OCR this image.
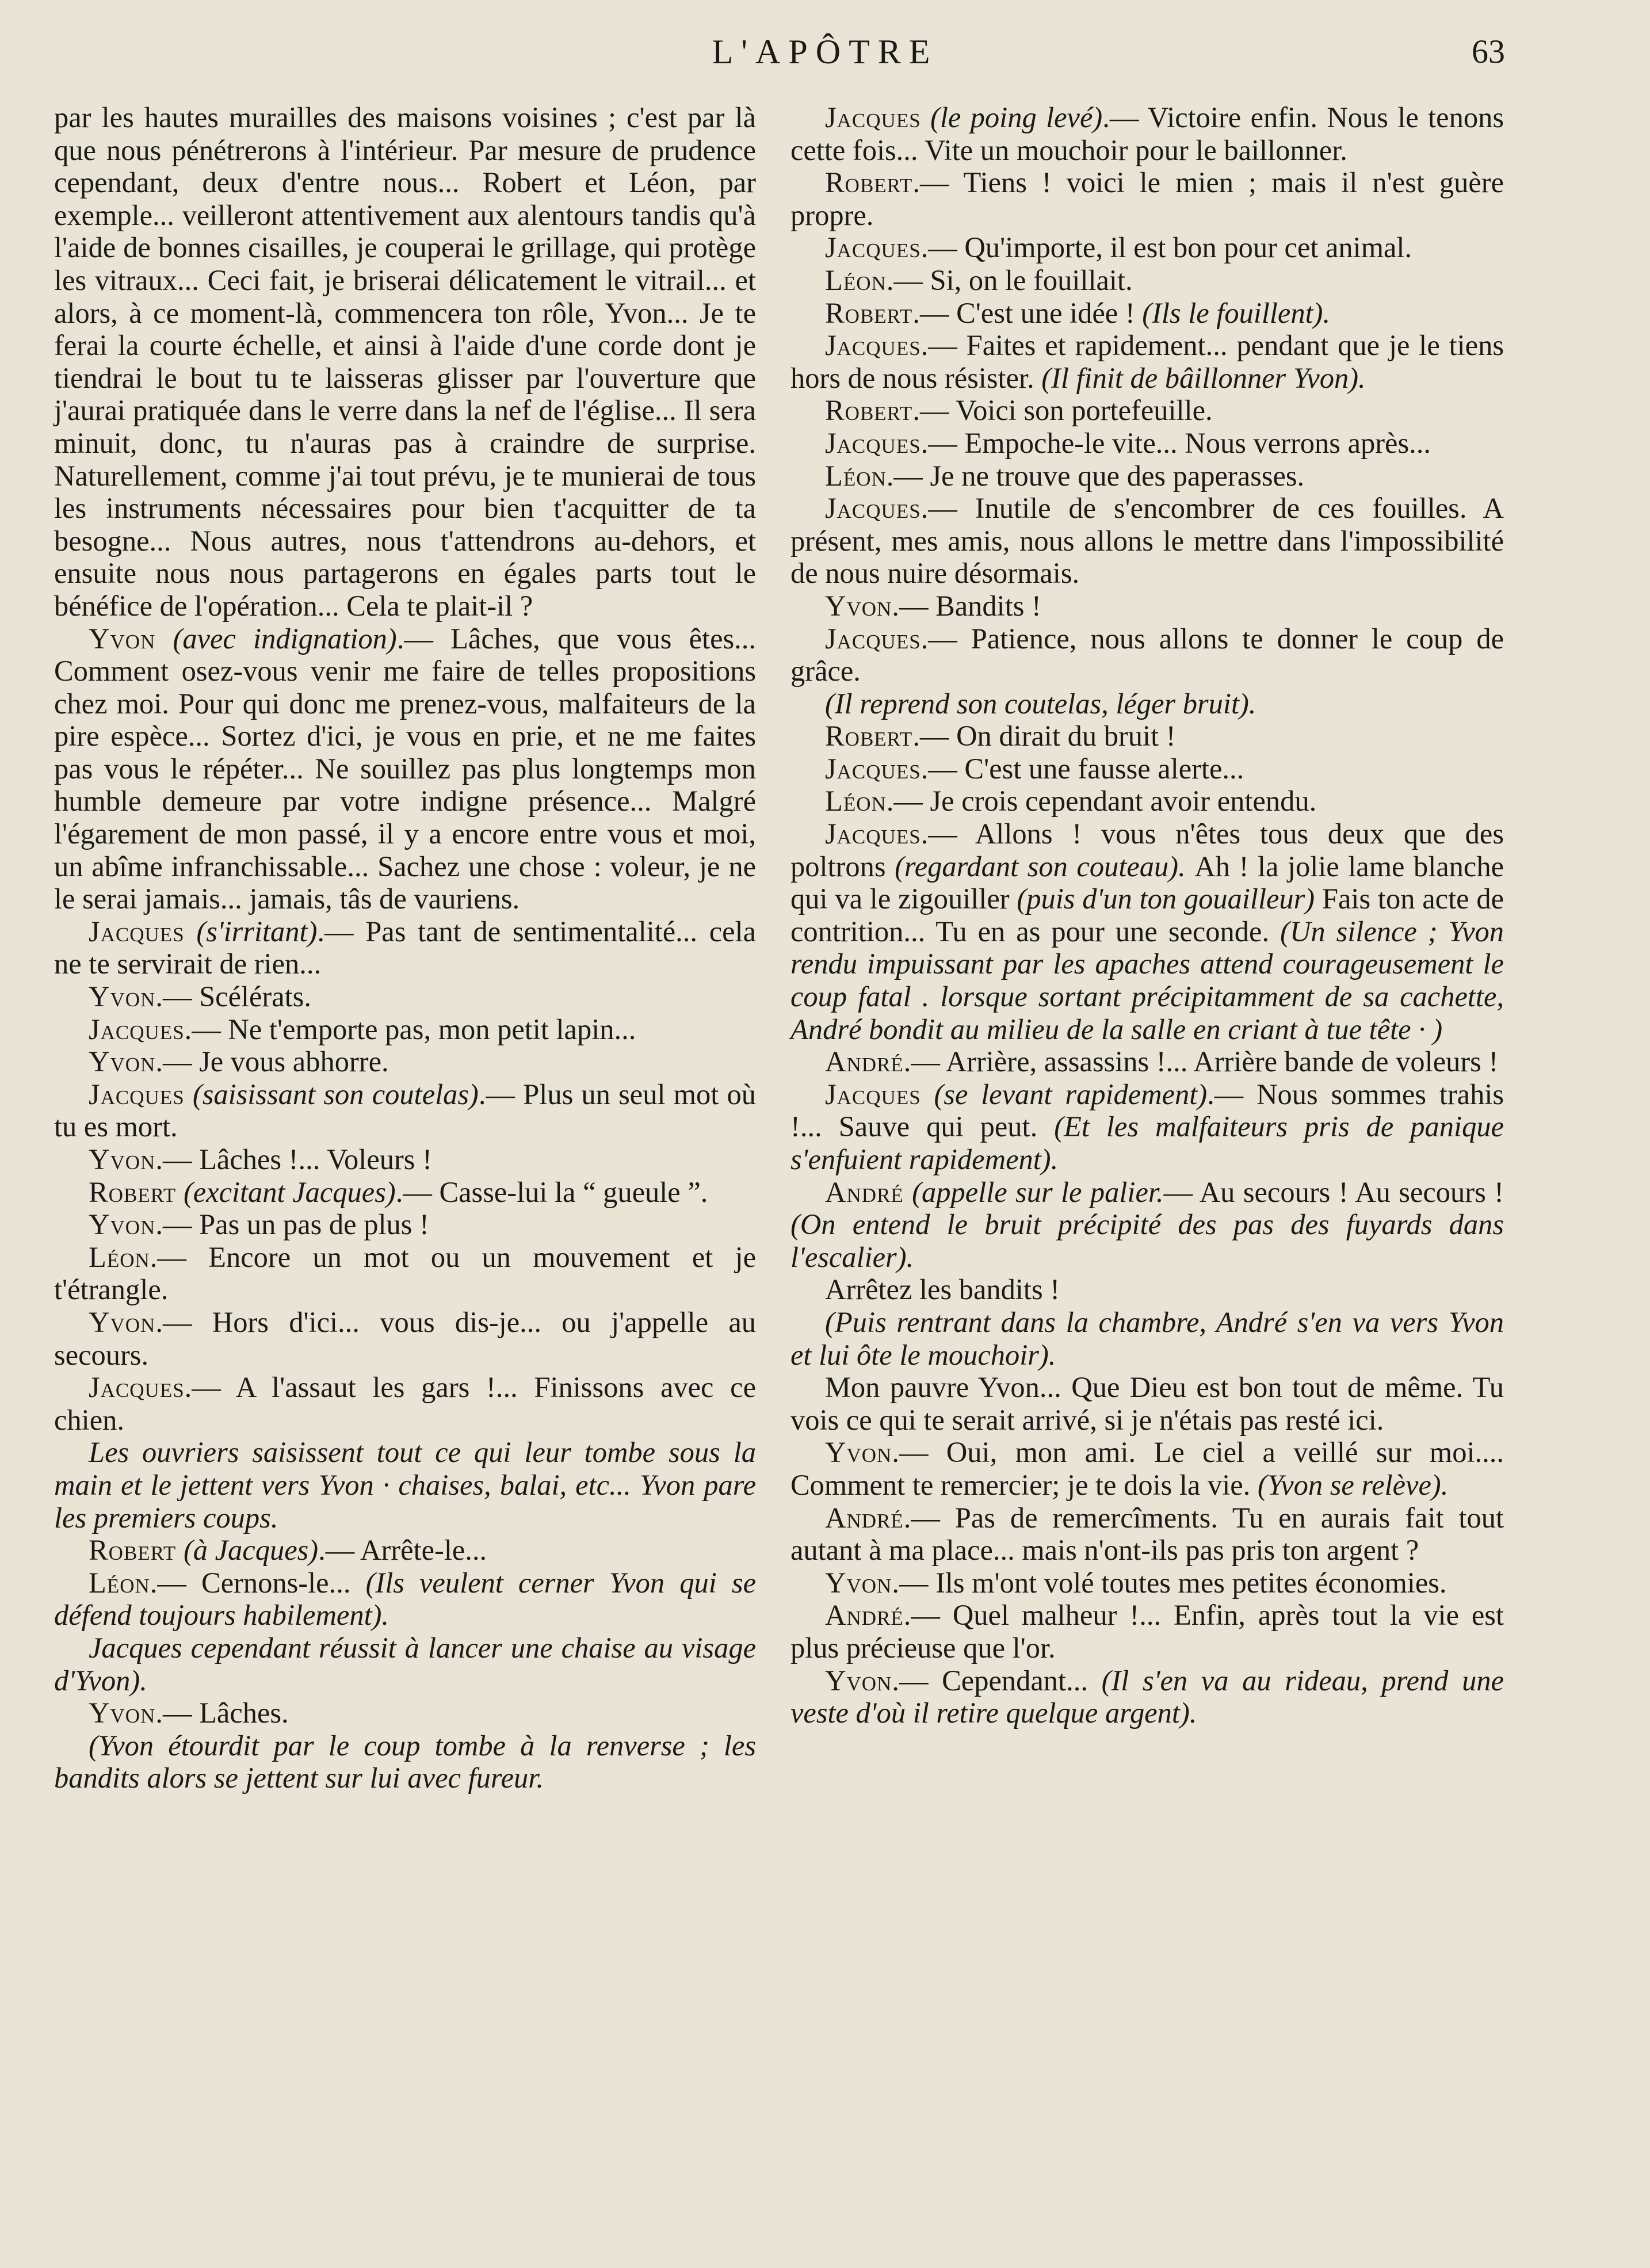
L'APÔTRE	63

par les hautes murailles des maisons voisines ; c'est par là que nous pénétrerons à l'intérieur. Par mesure de prudence cependant, deux d'entre nous... Robert et Léon, par exemple... veilleront attentivement aux alentours tandis qu'à l'aide de bonnes cisailles, je couperai le grillage, qui protège les vitraux... Ceci fait, je briserai délicatement le vitrail... et alors, à ce moment-là, commencera ton rôle, Yvon... Je te ferai la courte échelle, et ainsi à l'aide d'une corde dont je tiendrai le bout tu te laisseras glisser par l'ouverture que j'aurai pratiquée dans le verre dans la nef de l'église... Il sera minuit, donc, tu n'auras pas à craindre de surprise. Naturellement, comme j'ai tout prévu, je te munierai de tous les instruments nécessaires pour bien t'acquitter de ta besogne... Nous autres, nous t'attendrons au-dehors, et ensuite nous nous partagerons en égales parts tout le bénéfice de l'opération... Cela te plait-il ?

Yvon (avec indignation).— Lâches, que vous êtes... Comment osez-vous venir me faire de telles propositions chez moi. Pour qui donc me prenez-vous, malfaiteurs de la pire espèce... Sortez d'ici, je vous en prie, et ne me faites pas vous le répéter... Ne souillez pas plus longtemps mon humble demeure par votre indigne présence... Malgré l'égarement de mon passé, il y a encore entre vous et moi, un abîme infranchissable... Sachez une chose : voleur, je ne le serai jamais... jamais, tâs de vauriens.

Jacques (s'irritant).— Pas tant de sentimentalité... cela ne te servirait de rien...

Yvon.— Scélérats.

Jacques.— Ne t'emporte pas, mon petit lapin...

Yvon.— Je vous abhorre.

Jacques (saisissant son coutelas).— Plus un seul mot où tu es mort.

Yvon.— Lâches !... Voleurs !

Robert (excitant Jacques).— Casse-lui la “ gueule ”.

Yvon.— Pas un pas de plus !

Léon.— Encore un mot ou un mouvement et je t'étrangle.

Yvon.— Hors d'ici... vous dis-je... ou j'appelle au secours.

Jacques.— A l'assaut les gars !... Finissons avec ce chien.

Les ouvriers saisissent tout ce qui leur tombe sous la main et le jettent vers Yvon · chaises, balai, etc... Yvon pare les premiers coups.

Robert (à Jacques).— Arrête-le...

Léon.— Cernons-le... (Ils veulent cerner Yvon qui se défend toujours habilement).

Jacques cependant réussit à lancer une chaise au visage d'Yvon).

Yvon.— Lâches.

(Yvon étourdit par le coup tombe à la renverse ; les bandits alors se jettent sur lui avec fureur.

Jacques (le poing levé).— Victoire enfin. Nous le tenons cette fois... Vite un mouchoir pour le baillonner.

Robert.— Tiens ! voici le mien ; mais il n'est guère propre.

Jacques.— Qu'importe, il est bon pour cet animal.

Léon.— Si, on le fouillait.

Robert.— C'est une idée ! (Ils le fouillent).

Jacques.— Faites et rapidement... pendant que je le tiens hors de nous résister. (Il finit de bâillonner Yvon).

Robert.— Voici son portefeuille.

Jacques.— Empoche-le vite... Nous verrons après...

Léon.— Je ne trouve que des paperasses.

Jacques.— Inutile de s'encombrer de ces fouilles. A présent, mes amis, nous allons le mettre dans l'impossibilité de nous nuire désormais.

Yvon.— Bandits !

Jacques.— Patience, nous allons te donner le coup de grâce.

(Il reprend son coutelas, léger bruit).

Robert.— On dirait du bruit !

Jacques.— C'est une fausse alerte...

Léon.— Je crois cependant avoir entendu.

Jacques.— Allons ! vous n'êtes tous deux que des poltrons (regardant son couteau). Ah ! la jolie lame blanche qui va le zigouiller (puis d'un ton gouailleur) Fais ton acte de contrition... Tu en as pour une seconde. (Un silence ; Yvon rendu impuissant par les apaches attend courageusement le coup fatal . lorsque sortant précipitamment de sa cachette, André bondit au milieu de la salle en criant à tue tête · )

André.— Arrière, assassins !... Arrière bande de voleurs !

Jacques (se levant rapidement).— Nous sommes trahis !... Sauve qui peut. (Et les malfaiteurs pris de panique s'enfuient rapidement).

André (appelle sur le palier.— Au secours ! Au secours ! (On entend le bruit précipité des pas des fuyards dans l'escalier).

Arrêtez les bandits !

(Puis rentrant dans la chambre, André s'en va vers Yvon et lui ôte le mouchoir).

Mon pauvre Yvon... Que Dieu est bon tout de même. Tu vois ce qui te serait arrivé, si je n'étais pas resté ici.

Yvon.— Oui, mon ami. Le ciel a veillé sur moi.... Comment te remercier; je te dois la vie. (Yvon se relève).

André.— Pas de remercîments. Tu en aurais fait tout autant à ma place... mais n'ont-ils pas pris ton argent ?

Yvon.— Ils m'ont volé toutes mes petites économies.

André.— Quel malheur !... Enfin, après tout la vie est plus précieuse que l'or.

Yvon.— Cependant... (Il s'en va au rideau, prend une veste d'où il retire quelque argent).
